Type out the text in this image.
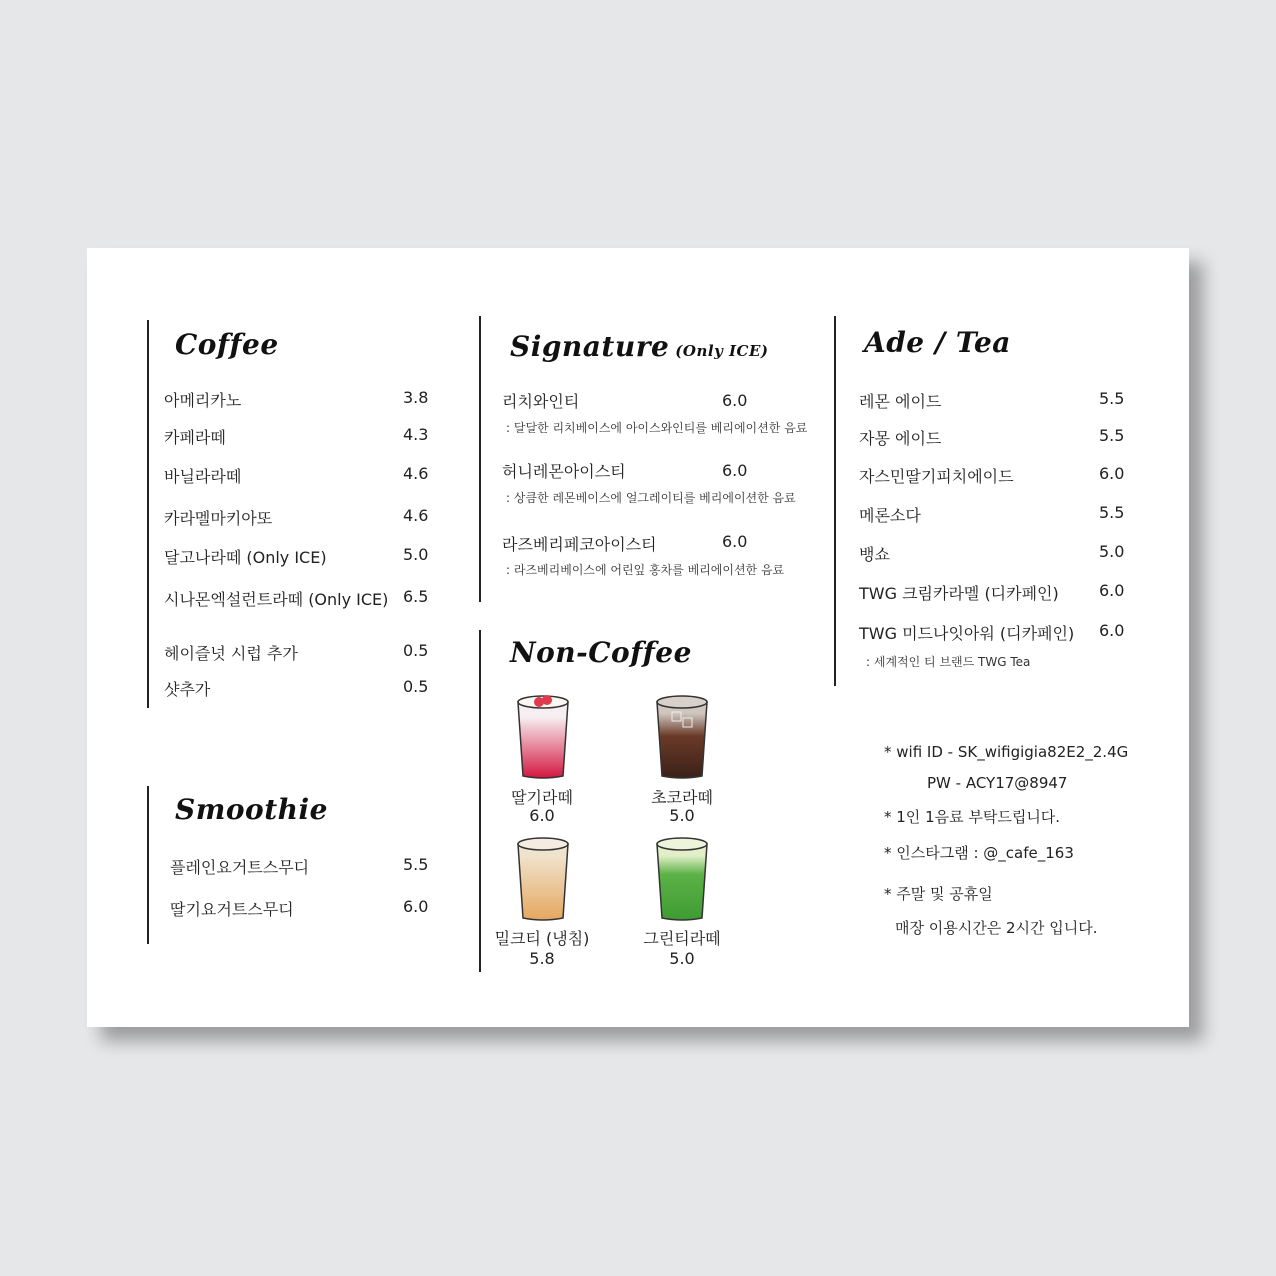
Coffee
아메리카노	3.8
카페라떼	4.3
바닐라라떼	4.6
카라멜마키아또	4.6
달고나라떼 (Only ICE)	5.0
시나몬엑설런트라떼 (Only ICE) 6.5
헤이즐넛 시럽 추가	0.5
샷추가	0.5
Smoothie
플레인요거트스무디	5.5
딸기요거트스무디	6.0
Signature (Only ICE)
리치와인티	6.0
: 달달한 리치베이스에 아이스와인티를 베리에이션한 음료
허니레몬아이스티	6.0
: 상큼한 레몬베이스에 얼그레이티를 베리에이션한 음료
라즈베리페코아이스티	6.0
: 라즈베리베이스에 어린잎 홍차를 베리에이션한 음료
Non-Coffee
딸기라떼
6.0
초코라떼
5.0
밀크티 (냉침)
5.8
그린티라떼
5.0
Ade / Tea
레몬 에이드	5.5
자몽 에이드	5.5
자스민딸기피치에이드	6.0
메론소다	5.5
뱅쇼	5.0
TWG 크림카라멜 (디카페인)	6.0
TWG 미드나잇아워 (디카페인) 6.0
: 세계적인 티 브랜드 TWG Tea
* wifi ID - SK_wifigigia82E2_2.4G
PW - ACY17@8947
* 1인 1음료 부탁드립니다.
* 인스타그램 : @_cafe_163
* 주말 및 공휴일
매장 이용시간은 2시간 입니다.
